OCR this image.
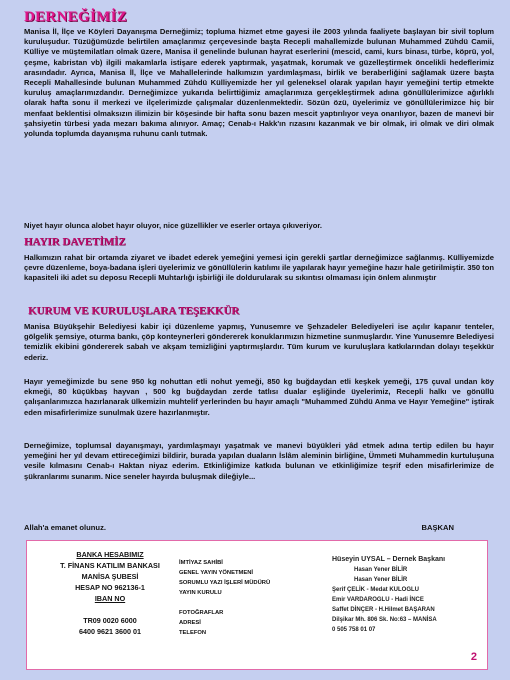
DERNEĞİMİZ

Manisa İl, İlçe ve Köyleri Dayanışma Derneğimiz; topluma hizmet etme gayesi ile 2003 yılında faaliyete başlayan bir sivil toplum kuruluşudur. Tüzüğümüzde belirtilen amaçlarımız çerçevesinde başta Recepli mahallemizde bulunan Muhammed Zühdü Camii, Külliye ve müştemilatları olmak üzere, Manisa il genelinde bulunan hayrat eserlerini (mescid, cami, kurs binası, türbe, köprü, yol, çeşme, kabristan vb) ilgili makamlarla istişare ederek yaptırmak, yaşatmak, korumak ve güzelleştirmek öncelikli hedeflerimiz arasındadır. Ayrıca, Manisa İl, İlçe ve Mahallelerinde halkımızın yardımlaşması, birlik ve beraberliğini sağlamak üzere başta Recepli Mahallesinde bulunan Muhammed Zühdü Külliyemizde her yıl geleneksel olarak yapılan hayır yemeğini tertip etmekte kuruluş amaçlarımızdandır. Derneğimizce yukarıda belirttiğimiz amaçlarımıza gerçekleştirmek adına gönüllülerimizce ağırlıklı olarak hafta sonu il merkezi ve ilçelerimizde çalışmalar düzenlenmektedir. Sözün özü, üyelerimiz ve gönüllülerimizce hiç bir menfaat beklentisi olmaksızın ilimizin bir köşesinde bir hafta sonu bazen mescit yaptırılıyor veya onarılıyor, bazen de manevi bir şahsiyetin türbesi yada mezarı bakıma alınıyor. Amaç; Cenab-ı Hakk'ın rızasını kazanmak ve bir olmak, iri olmak ve diri olmak yolunda toplumda dayanışma ruhunu canlı tutmak.

Niyet hayır olunca alobet hayır oluyor, nice güzellikler ve eserler ortaya çıkıveriyor.

HAYIR DAVETİMİZ

Halkımızın rahat bir ortamda ziyaret ve ibadet ederek yemeğini yemesi için gerekli şartlar derneğimizce sağlanmış. Külliyemizde çevre düzenleme, boya-badana işleri üyelerimiz ve gönüllülerin katılımı ile yapılarak hayır yemeğine hazır hale getirilmiştir. 350 ton kapasiteli iki adet su deposu Recepli Muhtarlığı işbirliği ile doldurularak su sıkıntısı olmaması için önlem alınmıştır

KURUM VE KURULUŞLARA TEŞEKKÜR

Manisa Büyükşehir Belediyesi kabir içi düzenleme yapmış, Yunusemre ve Şehzadeler Belediyeleri ise açılır kapanır tenteler, gölgelik şemsiye, oturma bankı, çöp konteynerleri göndererek konuklarımızın hizmetine sunmuşlardır. Yine Yunusemre Belediyesi temizlik ekibini göndererek sabah ve akşam temizliğini yaptırmışlardır. Tüm kurum ve kuruluşlara katkılarından dolayı teşekkür ederiz.

Hayır yemeğimizde bu sene 950 kg nohuttan etli nohut yemeği, 850 kg buğdaydan etli keşkek yemeği, 175 çuval undan köy ekmeği, 80 küçükbaş hayvan , 500 kg buğdaydan zerde tatlısı dualar eşliğinde üyelerimiz, Recepli halkı ve gönüllü çalışanlarımızca hazırlanarak ülkemizin muhtelif yerlerinden bu hayır amaçlı "Muhammed Zühdü Anma ve Hayır Yemeğine" iştirak eden misafirlerimize sunulmak üzere hazırlanmıştır.

Derneğimize, toplumsal dayanışmayı, yardımlaşmayı yaşatmak ve manevi büyükleri yâd etmek adına tertip edilen bu hayır yemeğini her yıl devam ettireceğimizi bildirir, burada yapılan duaların İslâm aleminin birliğine, Ümmeti Muhammedin kurtuluşuna vesile kılmasını Cenab-ı Haktan niyaz ederim. Etkinliğimize katkıda bulunan ve etkinliğimize teşrif eden misafirlerimize de şükranlarımı sunarım. Nice seneler hayırda buluşmak dileğiyle...

Allah'a emanet olunuz.	BAŞKAN
BANKA HESABIMIZ
T. FİNANS KATILIM BANKASI
MANİSA ŞUBESİ
HESAP NO 962136-1
IBAN NO
TR09 0020 6000
6400 9621 3600 01
İMTİYAZ SAHİBİ
GENEL YAYIN YÖNETMENİ
SORUMLU YAZI İŞLERİ MÜDÜRÜ
YAYIN KURULU

FOTOĞRAFLAR
ADRESİ
TELEFON
Hüseyin UYSAL – Dernek Başkanı
Hasan Yener BİLİR
Hasan Yener BİLİR
Şerif ÇELİK - Medat KULOGLU
Emir VARDAROGLU - Hadi İNCE
Saffet DİNÇER - H.Hilmet BAŞARAN
Dilşikar Mh. 806 Sk. No:63 – MANİSA
0 505 758 01 07
2
